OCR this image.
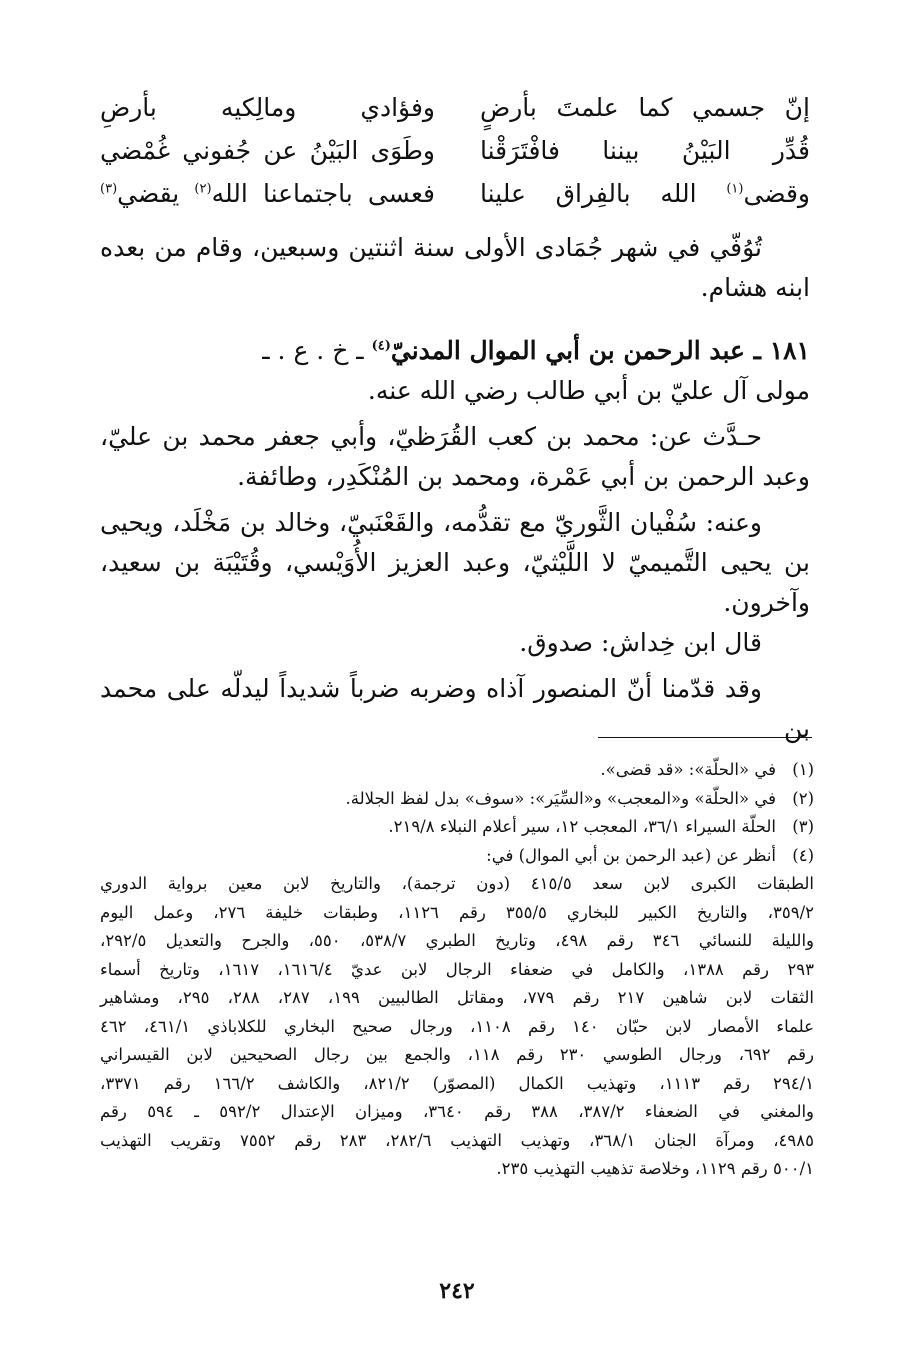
إنّ جسمي كما علمتَ بأرضٍ
وفؤادي ومالِكيه بأرضِ
قُدِّر البَيْنُ بيننا فافْتَرَقْنا
وطَوَى البَيْنُ عن جُفوني غُمْضي
وقضى$^{(١)}$ الله بالفِراق علينا
فعسى باجتماعنا الله$^{(٢)}$ يقضي$^{(٣)}$

تُوُفّي في شهر جُمَادى الأولى سنة اثنتين وسبعين، وقام من بعده ابنه هشام.

١٨١ ـ عبد الرحمن بن أبي الموال المدنيّ$^{(٤)}$ ـ خ . ع . ـ

مولى آل عليّ بن أبي طالب رضي الله عنه.

حـدَّث عن: محمد بن كعب القُرَظيّ، وأبي جعفر محمد بن عليّ، وعبد الرحمن بن أبي عَمْرة، ومحمد بن المُنْكَدِر، وطائفة.

وعنه: سُفْيان الثَّوريّ مع تقدُّمه، والقَعْنَبيّ، وخالد بن مَخْلَد، ويحيى بن يحيى التَّميميّ لا اللَّيْثيّ، وعبد العزيز الأُوَيْسي، وقُتَيْبَة بن سعيد، وآخرون.

قال ابن خِداش: صدوق.

وقد قدّمنا أنّ المنصور آذاه وضربه ضرباً شديداً ليدلّه على محمد بن

(١)
في «الحلّة»: «قد قضى».
(٢)
في «الحلّة» و«المعجب» و«السِّيَر»: «سوف» بدل لفظ الجلالة.
(٣)
الحلّة السيراء ٣٦/١، المعجب ١٢، سير أعلام النبلاء ٢١٩/٨.
(٤)
أنظر عن (عبد الرحمن بن أبي الموال) في:
الطبقات الكبرى لابن سعد ٤١٥/٥ (دون ترجمة)، والتاريخ لابن معين برواية الدوري
٣٥٩/٢، والتاريخ الكبير للبخاري ٣٥٥/٥ رقم ١١٢٦، وطبقات خليفة ٢٧٦، وعمل اليوم
والليلة للنسائي ٣٤٦ رقم ٤٩٨، وتاريخ الطبري ٥٣٨/٧، ٥٥٠، والجرح والتعديل ٢٩٢/٥،
٢٩٣ رقم ١٣٨٨، والكامل في ضعفاء الرجال لابن عديّ ١٦١٦/٤، ١٦١٧، وتاريخ أسماء
الثقات لابن شاهين ٢١٧ رقم ٧٧٩، ومقاتل الطالبيين ١٩٩، ٢٨٧، ٢٨٨، ٢٩٥، ومشاهير
علماء الأمصار لابن حبّان ١٤٠ رقم ١١٠٨، ورجال صحيح البخاري للكلاباذي ٤٦١/١، ٤٦٢
رقم ٦٩٢، ورجال الطوسي ٢٣٠ رقم ١١٨، والجمع بين رجال الصحيحين لابن القيسراني
٢٩٤/١ رقم ١١١٣، وتهذيب الكمال (المصوّر) ٨٢١/٢، والكاشف ١٦٦/٢ رقم ٣٣٧١،
والمغني في الضعفاء ٣٨٧/٢، ٣٨٨ رقم ٣٦٤٠، وميزان الإعتدال ٥٩٢/٢ ـ ٥٩٤ رقم
٤٩٨٥، ومرآة الجنان ٣٦٨/١، وتهذيب التهذيب ٢٨٢/٦، ٢٨٣ رقم ٧٥٥٢ وتقريب التهذيب
٥٠٠/١ رقم ١١٢٩، وخلاصة تذهيب التهذيب ٢٣٥.
٢٤٢
